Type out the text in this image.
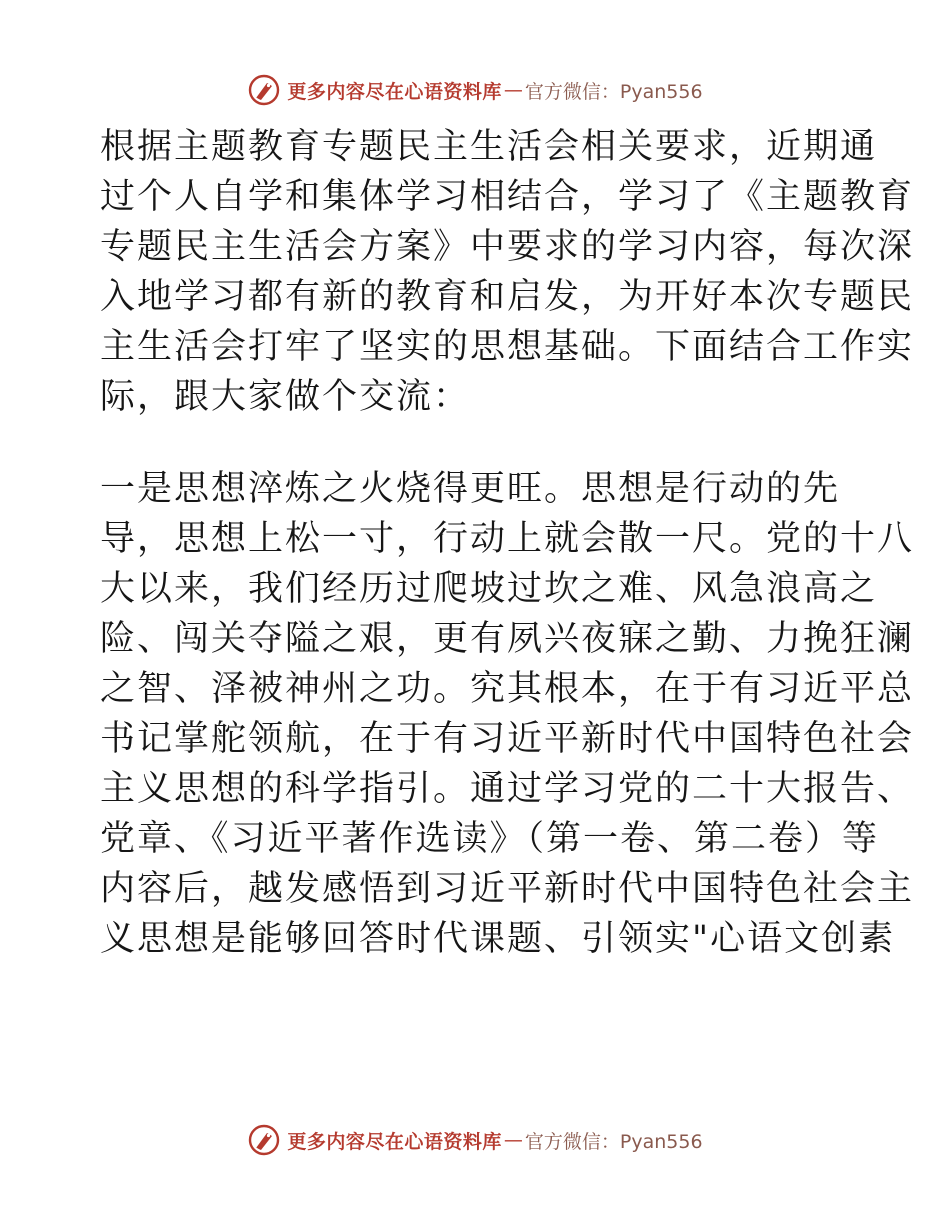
更多内容尽在心语资料库 — 官方微信：Pyan556
根据主题教育专题民主生活会相关要求，近期通
过个人自学和集体学习相结合，学习了《主题教育
专题民主生活会方案》中要求的学习内容，每次深
入地学习都有新的教育和启发，为开好本次专题民
主生活会打牢了坚实的思想基础。下面结合工作实
际，跟大家做个交流：
一是思想淬炼之火烧得更旺。思想是行动的先
导，思想上松一寸，行动上就会散一尺。党的十八
大以来，我们经历过爬坡过坎之难、风急浪高之
险、闯关夺隘之艰，更有夙兴夜寐之勤、力挽狂澜
之智、泽被神州之功。究其根本，在于有习近平总
书记掌舵领航，在于有习近平新时代中国特色社会
主义思想的科学指引。通过学习党的二十大报告、
党章、《习近平著作选读》（第一卷、第二卷）等
内容后，越发感悟到习近平新时代中国特色社会主
义思想是能够回答时代课题、引领实"心语文创素
更多内容尽在心语资料库 — 官方微信：Pyan556
